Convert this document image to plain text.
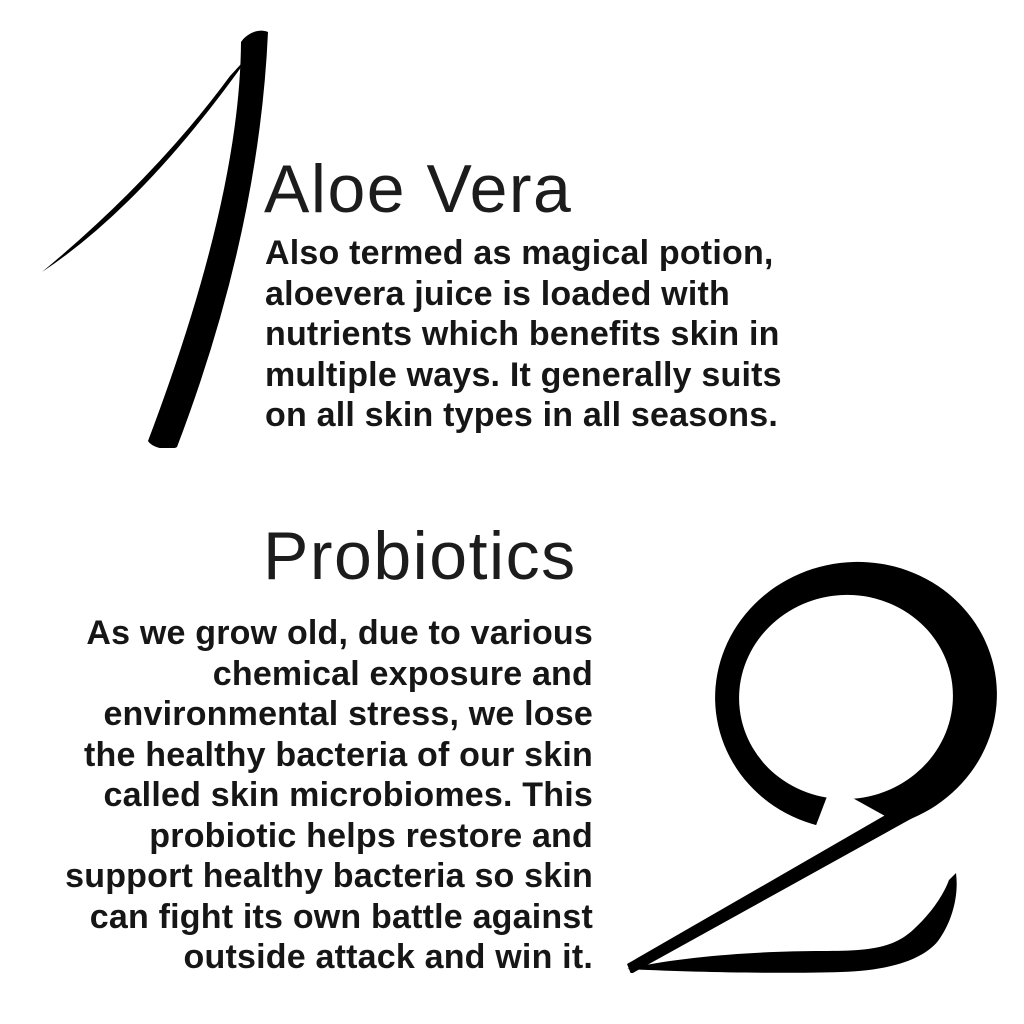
Aloe Vera
Also termed as magical potion,
aloevera juice is loaded with
nutrients which benefits skin in
multiple ways. It generally suits
on all skin types in all seasons.
Probiotics
As we grow old, due to various
chemical exposure and
environmental stress, we lose
the healthy bacteria of our skin
called skin microbiomes. This
probiotic helps restore and
support healthy bacteria so skin
can fight its own battle against
outside attack and win it.
